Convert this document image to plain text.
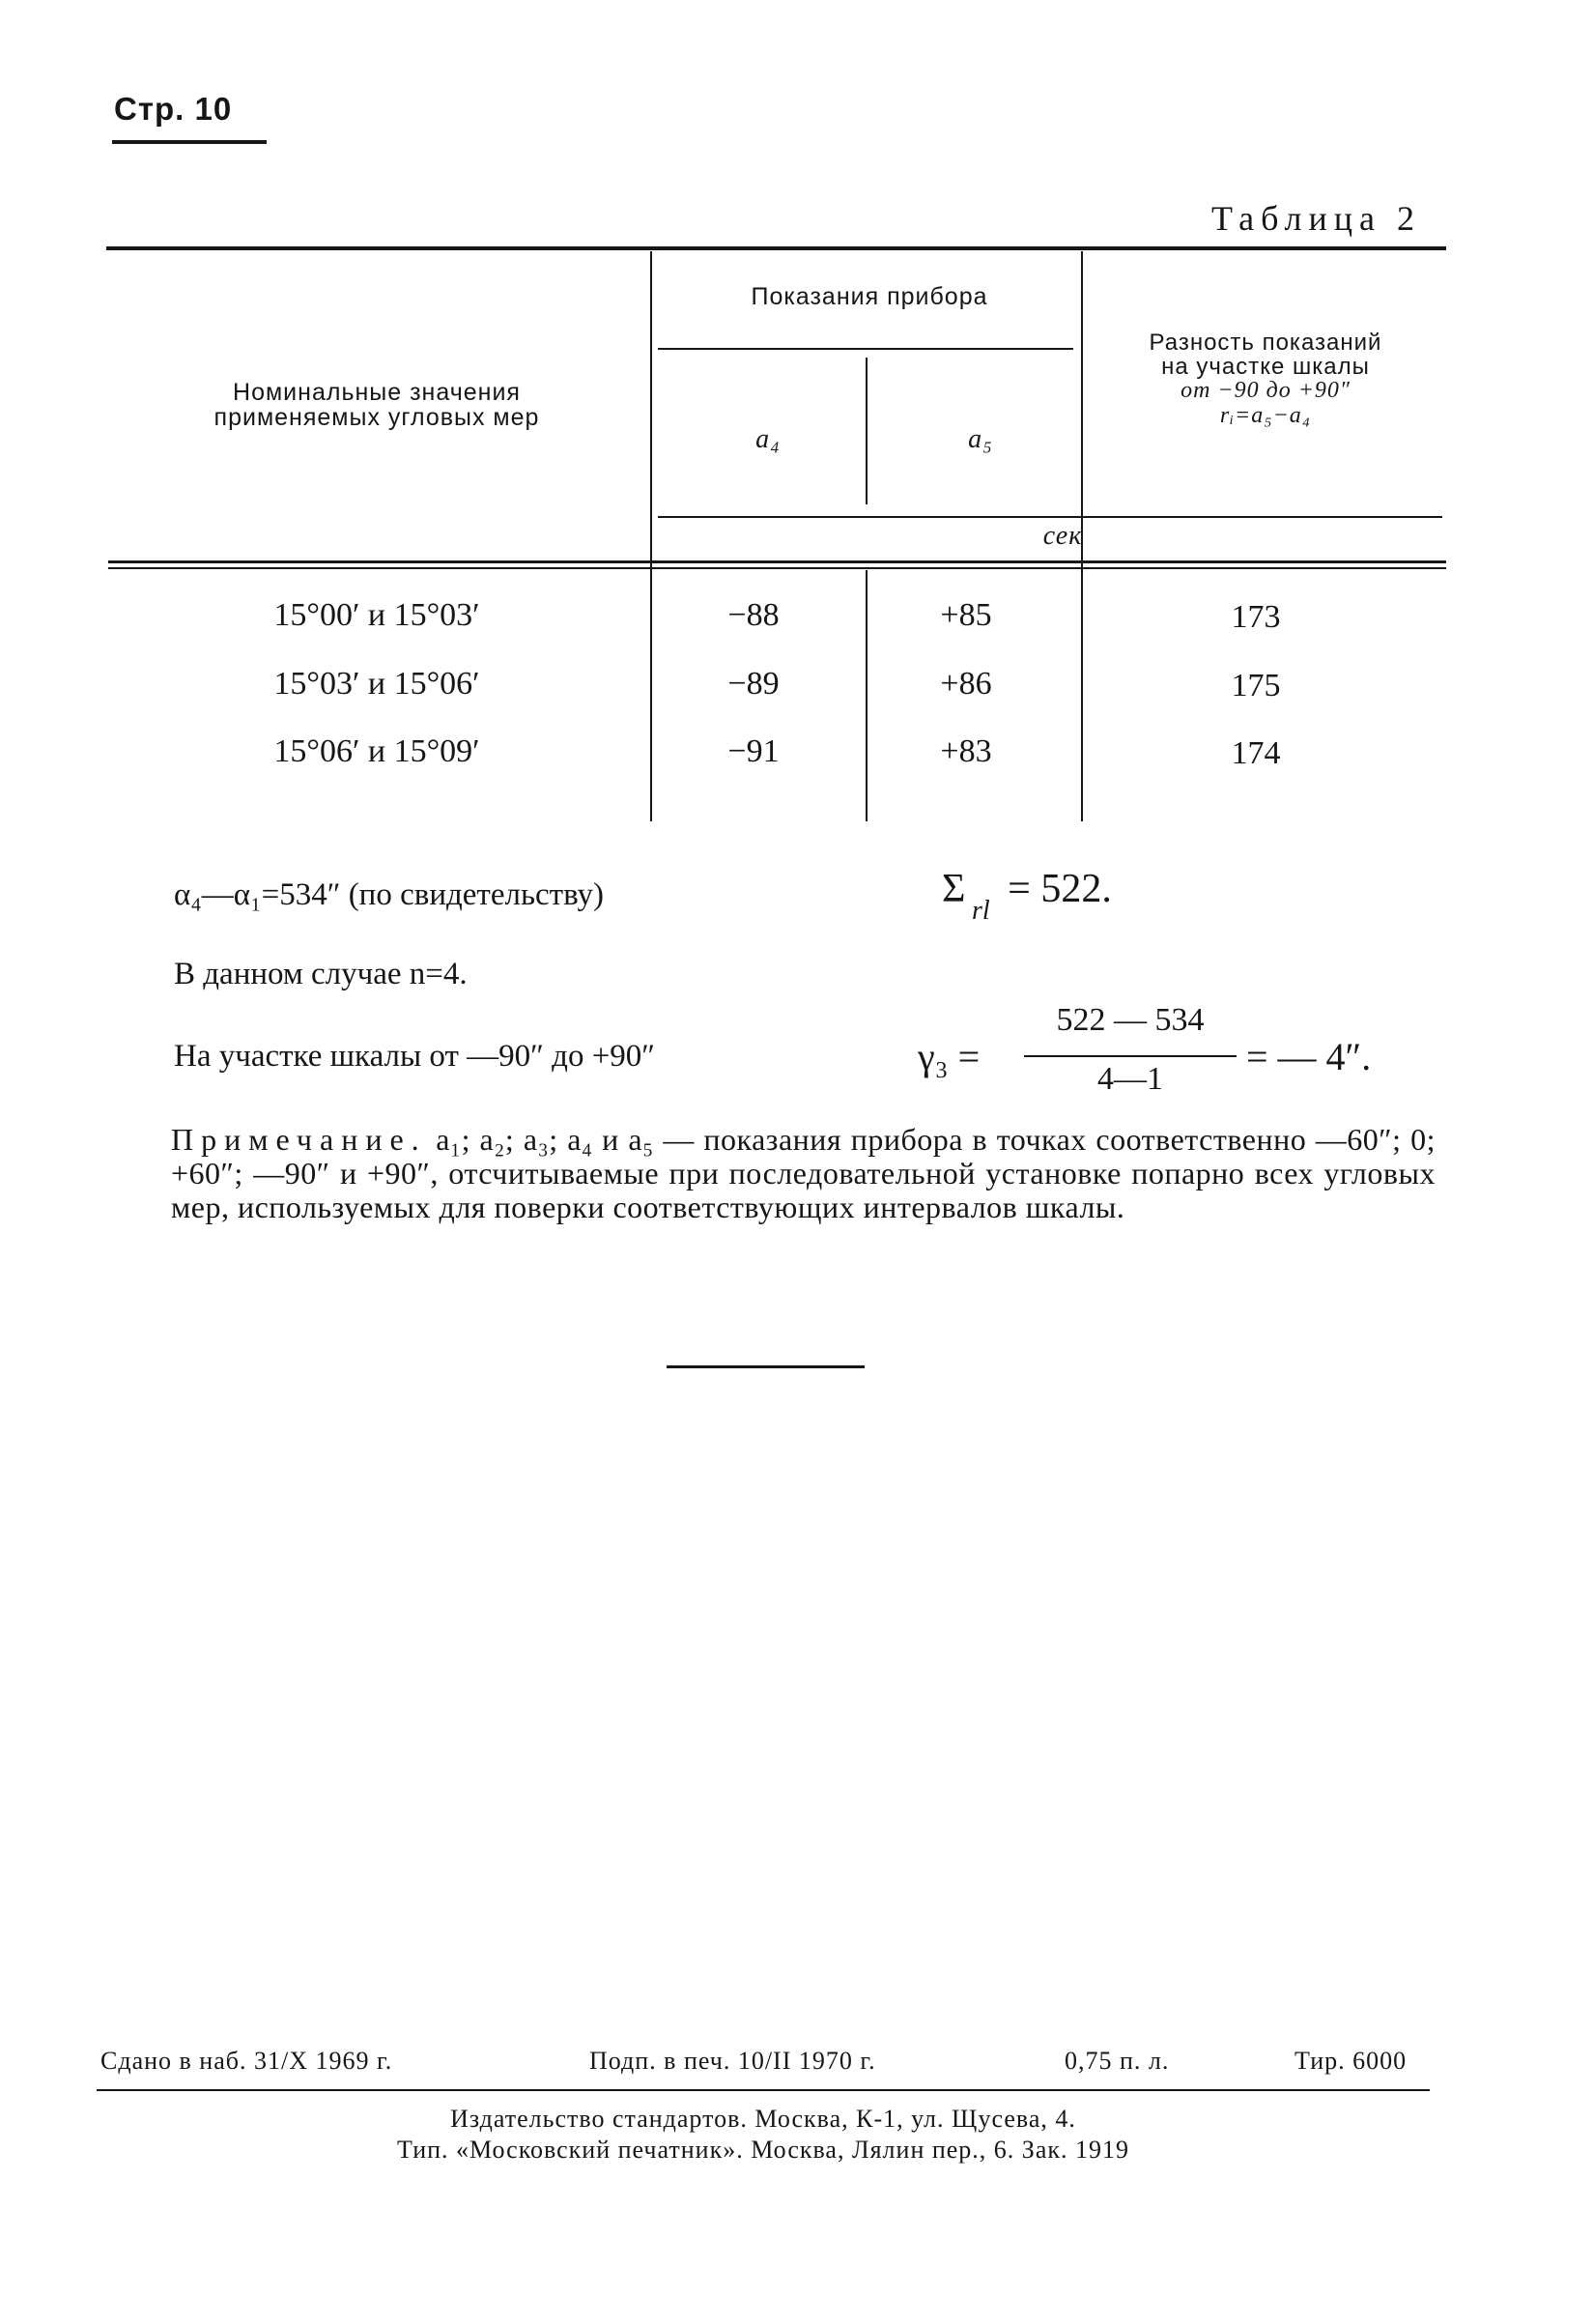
Стр. 10
Таблица 2
Номинальные значения
применяемых угловых мер
Показания прибора
a₄	a₅
Разность показаний
на участке шкалы
от −90 до +90″
rᵢ=a₅−a₄
сек
15°00′ и 15°03′	−88	+85	173
15°03′ и 15°06′	−89	+86	175
15°06′ и 15°09′	−91	+83	174
α₄—α₁=534″ (по свидетельству)	Σ $_{rl}$ = 522.
В данном случае n=4.
На участке шкалы от —90″ до +90″	γ₃ =
522 — 534
4—1
= — 4″.
Примечание. a₁; a₂; a₃; a₄ и a₅ — показания прибора в точках соответственно —60″; 0; +60″; —90″ и +90″, отсчитываемые при последовательной установке попарно всех угловых мер, используемых для поверки соответствующих интервалов шкалы.
Сдано в наб. 31/X 1969 г.	Подп. в печ. 10/II 1970 г.	0,75 п. л.	Тир. 6000
Издательство стандартов. Москва, К-1, ул. Щусева, 4.
Тип. «Московский печатник». Москва, Лялин пер., 6. Зак. 1919
